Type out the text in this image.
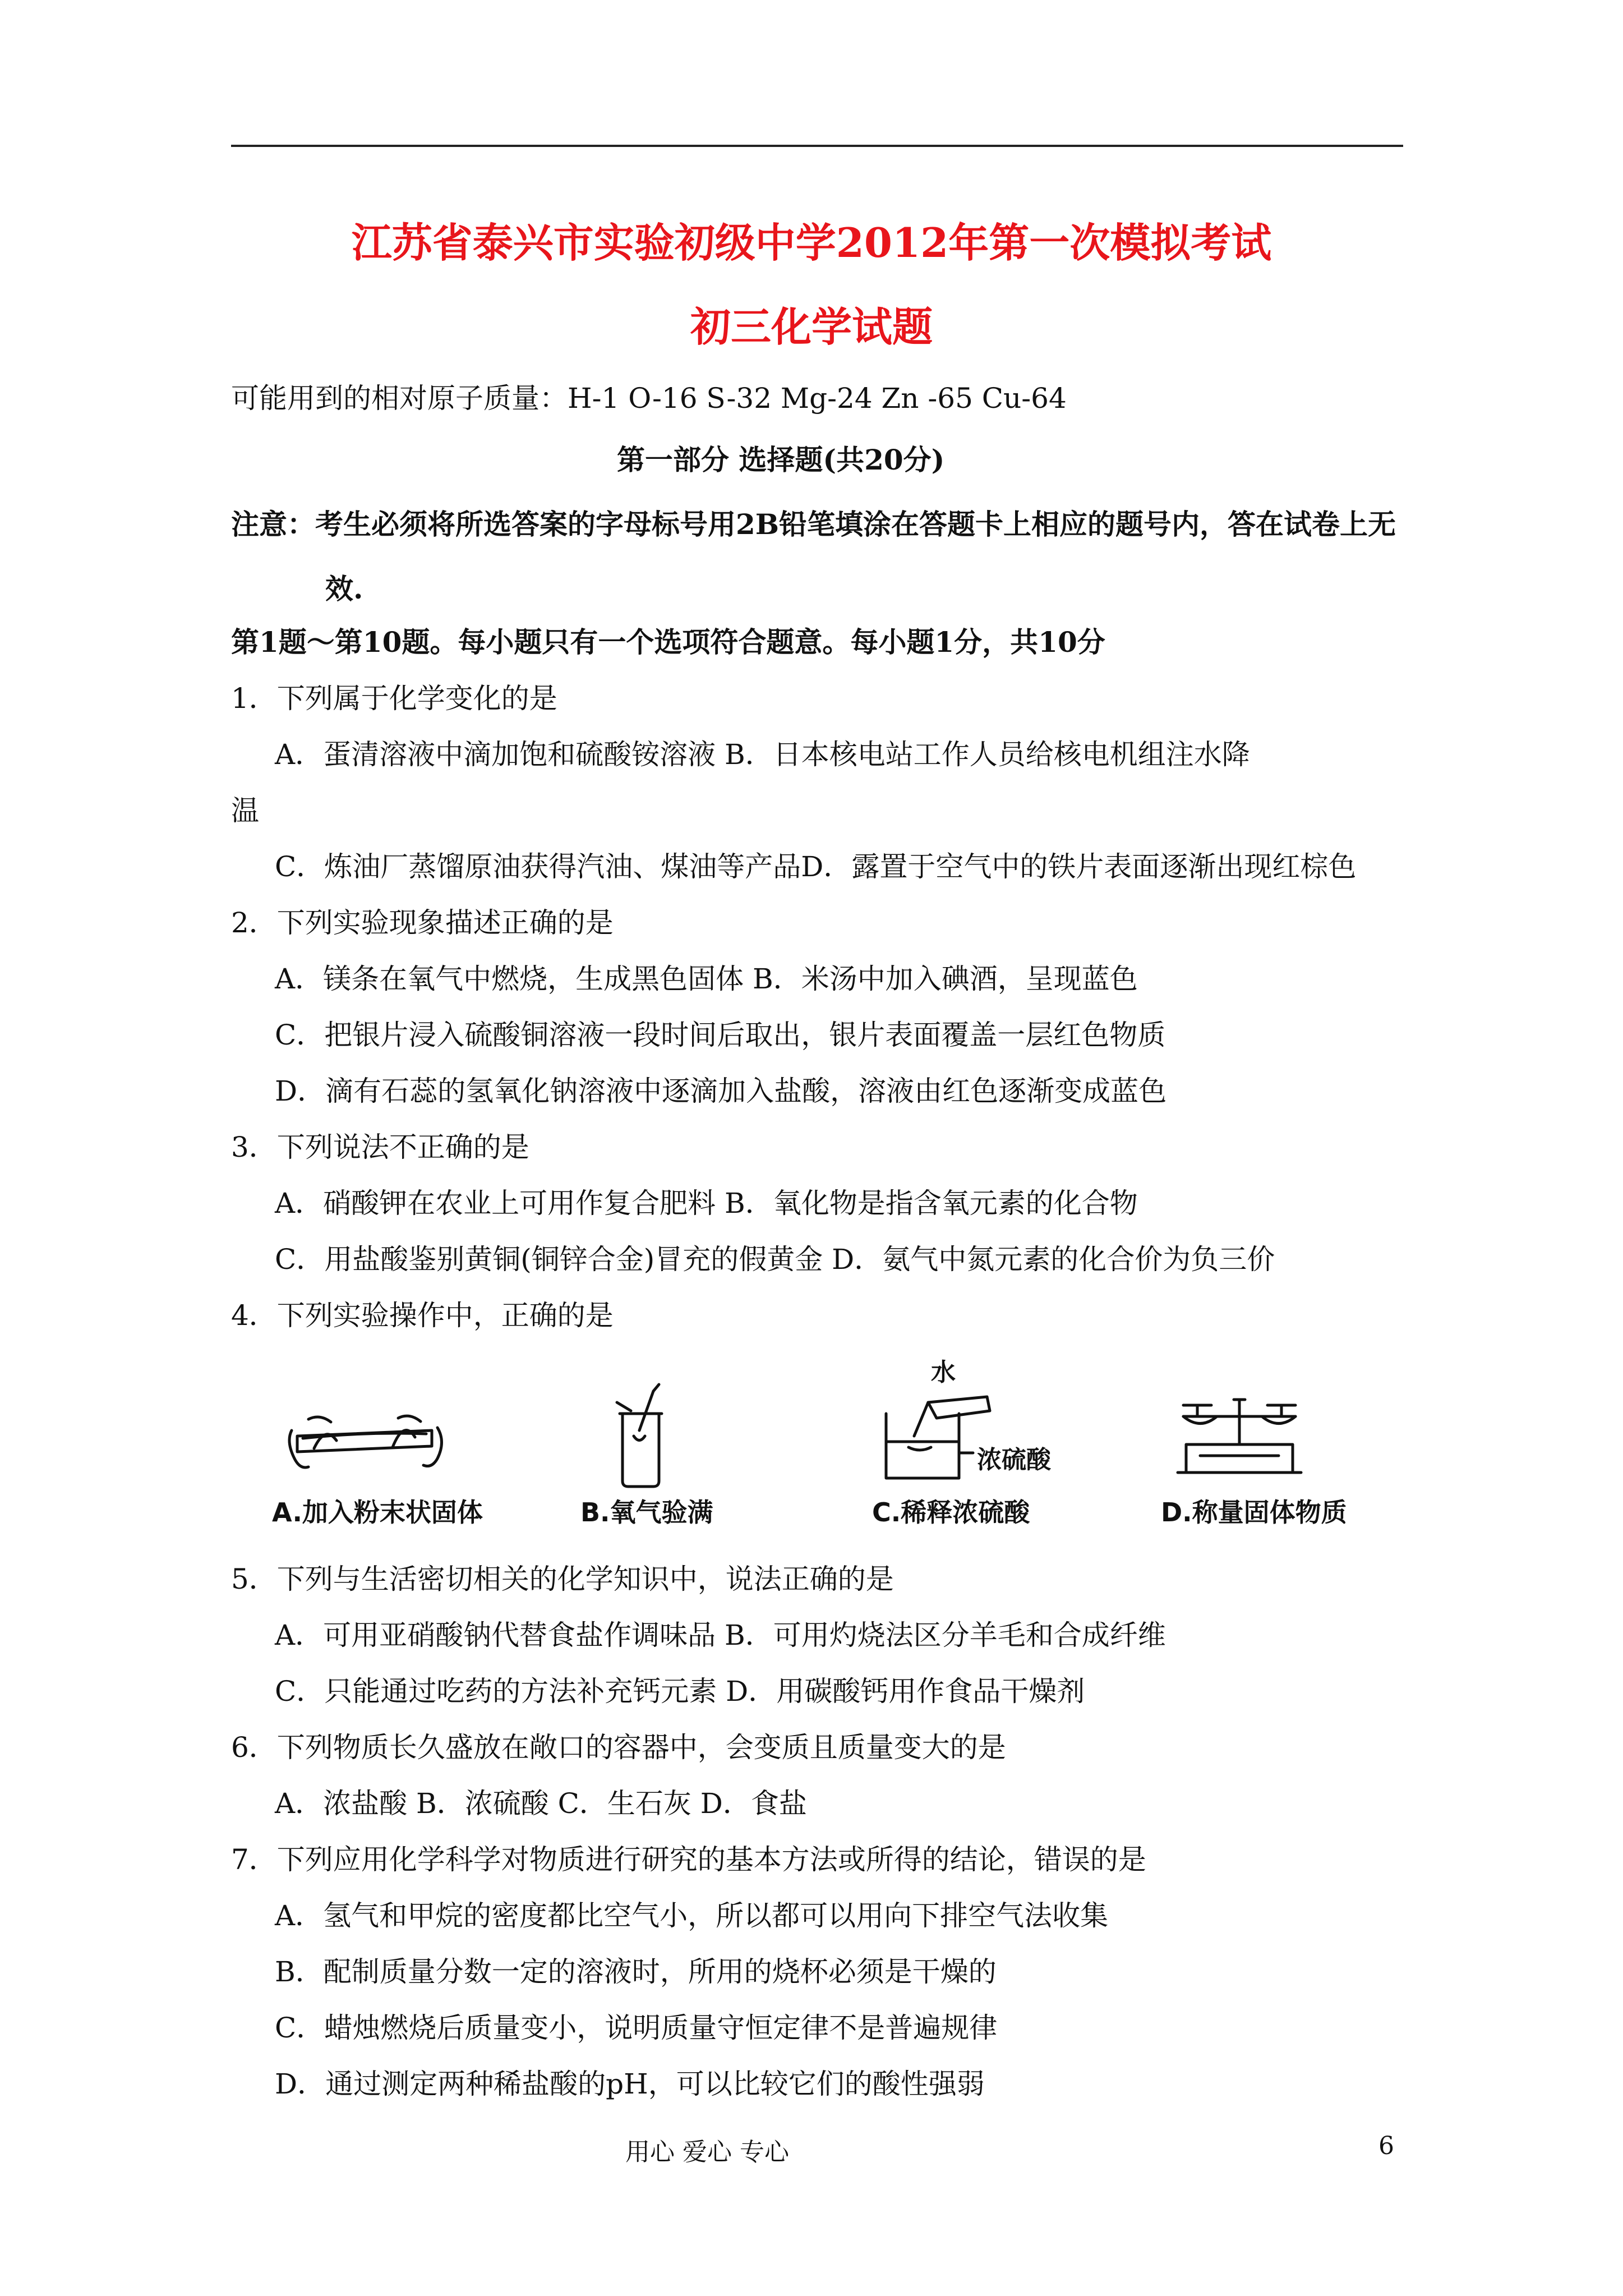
江苏省泰兴市实验初级中学2012年第一次模拟考试
初三化学试题
可能用到的相对原子质量：H-1 O-16 S-32 Mg-24 Zn -65 Cu-64
第一部分 选择题(共20分)
注意：考生必须将所选答案的字母标号用2B铅笔填涂在答题卡上相应的题号内，答在试卷上无
效.
第1题～第10题。每小题只有一个选项符合题意。每小题1分，共10分
1．下列属于化学变化的是
A．蛋清溶液中滴加饱和硫酸铵溶液 B．日本核电站工作人员给核电机组注水降
温
C．炼油厂蒸馏原油获得汽油、煤油等产品D．露置于空气中的铁片表面逐渐出现红棕色
2．下列实验现象描述正确的是
A．镁条在氧气中燃烧，生成黑色固体 B．米汤中加入碘酒，呈现蓝色
C．把银片浸入硫酸铜溶液一段时间后取出，银片表面覆盖一层红色物质
D．滴有石蕊的氢氧化钠溶液中逐滴加入盐酸，溶液由红色逐渐变成蓝色
3．下列说法不正确的是
A．硝酸钾在农业上可用作复合肥料 B．氧化物是指含氧元素的化合物
C．用盐酸鉴别黄铜(铜锌合金)冒充的假黄金 D．氨气中氮元素的化合价为负三价
4．下列实验操作中，正确的是
A.加入粉末状固体	B.氧气验满
水
浓硫酸
C.稀释浓硫酸	D.称量固体物质
5．下列与生活密切相关的化学知识中，说法正确的是
A．可用亚硝酸钠代替食盐作调味品 B．可用灼烧法区分羊毛和合成纤维
C．只能通过吃药的方法补充钙元素 D．用碳酸钙用作食品干燥剂
6．下列物质长久盛放在敞口的容器中，会变质且质量变大的是
A．浓盐酸 B．浓硫酸 C．生石灰 D．食盐
7．下列应用化学科学对物质进行研究的基本方法或所得的结论，错误的是
A．氢气和甲烷的密度都比空气小，所以都可以用向下排空气法收集
B．配制质量分数一定的溶液时，所用的烧杯必须是干燥的
C．蜡烛燃烧后质量变小，说明质量守恒定律不是普遍规律
D．通过测定两种稀盐酸的pH，可以比较它们的酸性强弱
用心 爱心 专心	6
